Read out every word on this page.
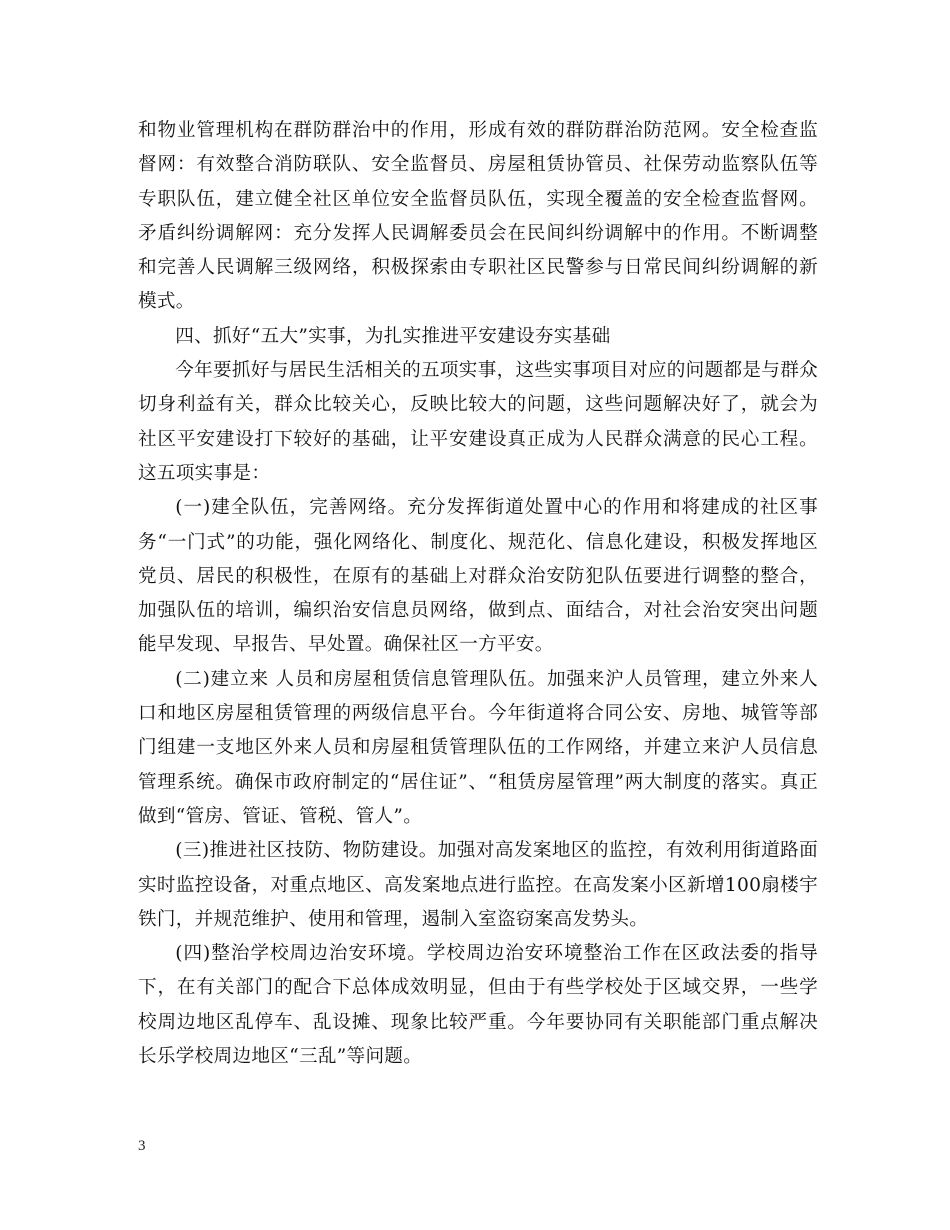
和物业管理机构在群防群治中的作用，形成有效的群防群治防范网。安全检查监督网：有效整合消防联队、安全监督员、房屋租赁协管员、社保劳动监察队伍等专职队伍，建立健全社区单位安全监督员队伍，实现全覆盖的安全检查监督网。矛盾纠纷调解网：充分发挥人民调解委员会在民间纠纷调解中的作用。不断调整和完善人民调解三级网络，积极探索由专职社区民警参与日常民间纠纷调解的新模式。

四、抓好“五大”实事，为扎实推进平安建设夯实基础

今年要抓好与居民生活相关的五项实事，这些实事项目对应的问题都是与群众切身利益有关，群众比较关心，反映比较大的问题，这些问题解决好了，就会为社区平安建设打下较好的基础，让平安建设真正成为人民群众满意的民心工程。这五项实事是：

(一)建全队伍，完善网络。充分发挥街道处置中心的作用和将建成的社区事务“一门式”的功能，强化网络化、制度化、规范化、信息化建设，积极发挥地区党员、居民的积极性，在原有的基础上对群众治安防犯队伍要进行调整的整合，加强队伍的培训，编织治安信息员网络，做到点、面结合，对社会治安突出问题能早发现、早报告、早处置。确保社区一方平安。

(二)建立来 人员和房屋租赁信息管理队伍。加强来沪人员管理，建立外来人口和地区房屋租赁管理的两级信息平台。今年街道将合同公安、房地、城管等部门组建一支地区外来人员和房屋租赁管理队伍的工作网络，并建立来沪人员信息管理系统。确保市政府制定的“居住证”、“租赁房屋管理”两大制度的落实。真正做到“管房、管证、管税、管人”。

(三)推进社区技防、物防建设。加强对高发案地区的监控，有效利用街道路面实时监控设备，对重点地区、高发案地点进行监控。在高发案小区新增100扇楼宇铁门，并规范维护、使用和管理，遏制入室盗窃案高发势头。

(四)整治学校周边治安环境。学校周边治安环境整治工作在区政法委的指导下，在有关部门的配合下总体成效明显，但由于有些学校处于区域交界，一些学校周边地区乱停车、乱设摊、现象比较严重。今年要协同有关职能部门重点解决长乐学校周边地区“三乱”等问题。

3
